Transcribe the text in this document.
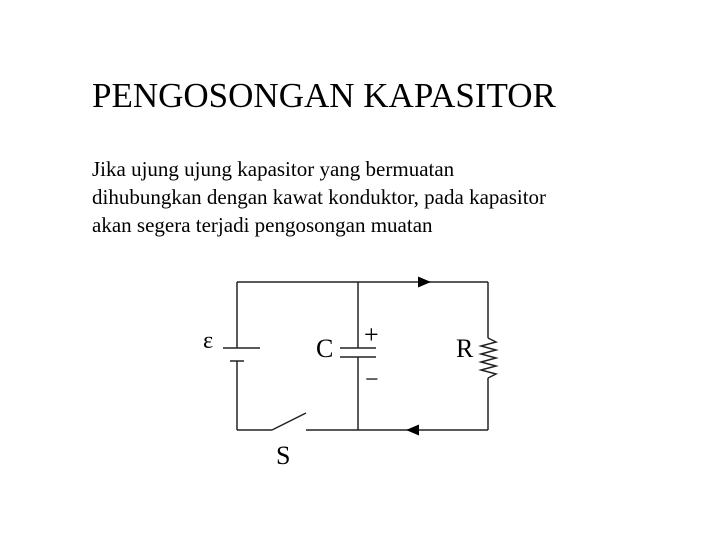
PENGOSONGAN KAPASITOR

Jika ujung ujung kapasitor yang bermuatan
dihubungkan dengan kawat konduktor, pada kapasitor
akan segera terjadi pengosongan muatan

ε	C +
−
R
S
